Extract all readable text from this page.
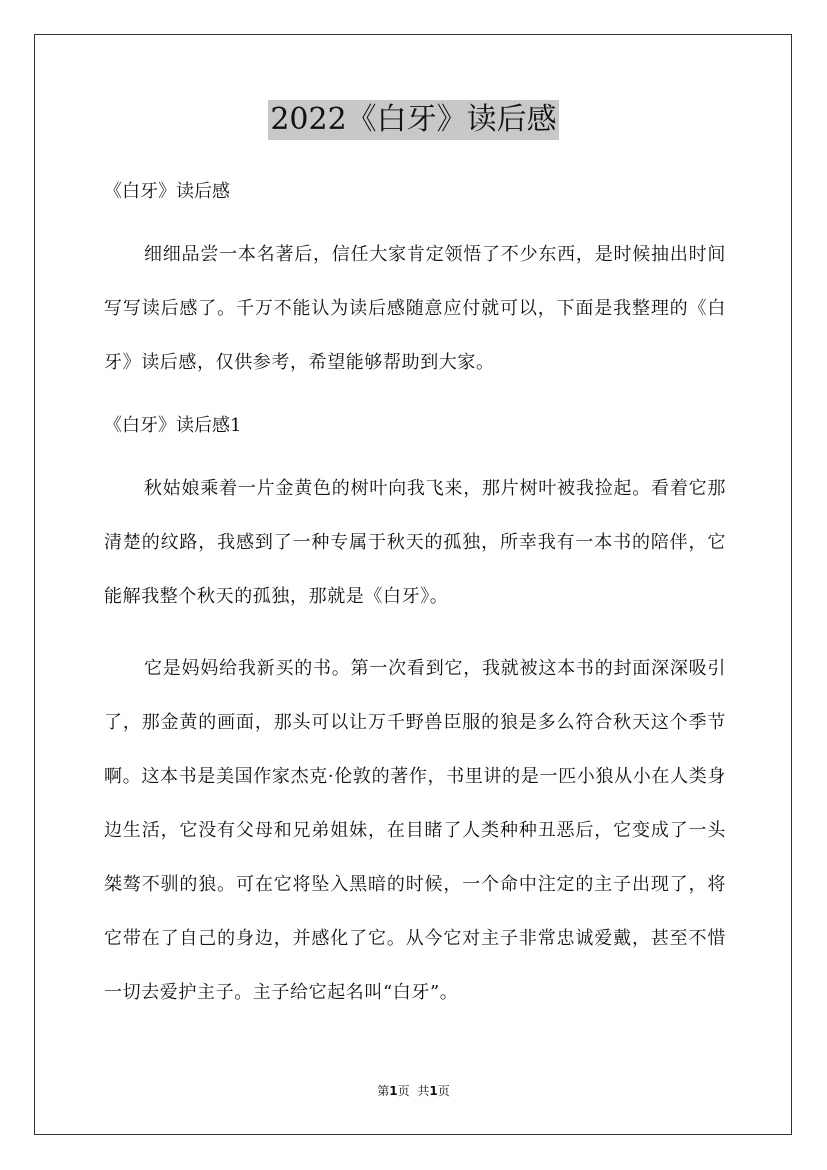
2022《白牙》读后感

《白牙》读后感

细细品尝一本名著后，信任大家肯定领悟了不少东西，是时候抽出时间写写读后感了。千万不能认为读后感随意应付就可以，下面是我整理的《白牙》读后感，仅供参考，希望能够帮助到大家。

《白牙》读后感1

秋姑娘乘着一片金黄色的树叶向我飞来，那片树叶被我捡起。看着它那清楚的纹路，我感到了一种专属于秋天的孤独，所幸我有一本书的陪伴，它能解我整个秋天的孤独，那就是《白牙》。

它是妈妈给我新买的书。第一次看到它，我就被这本书的封面深深吸引了，那金黄的画面，那头可以让万千野兽臣服的狼是多么符合秋天这个季节啊。这本书是美国作家杰克·伦敦的著作，书里讲的是一匹小狼从小在人类身边生活，它没有父母和兄弟姐妹，在目睹了人类种种丑恶后，它变成了一头桀骜不驯的狼。可在它将坠入黑暗的时候，一个命中注定的主子出现了，将它带在了自己的身边，并感化了它。从今它对主子非常忠诚爱戴，甚至不惜一切去爱护主子。主子给它起名叫“白牙”。

第1页 共1页
